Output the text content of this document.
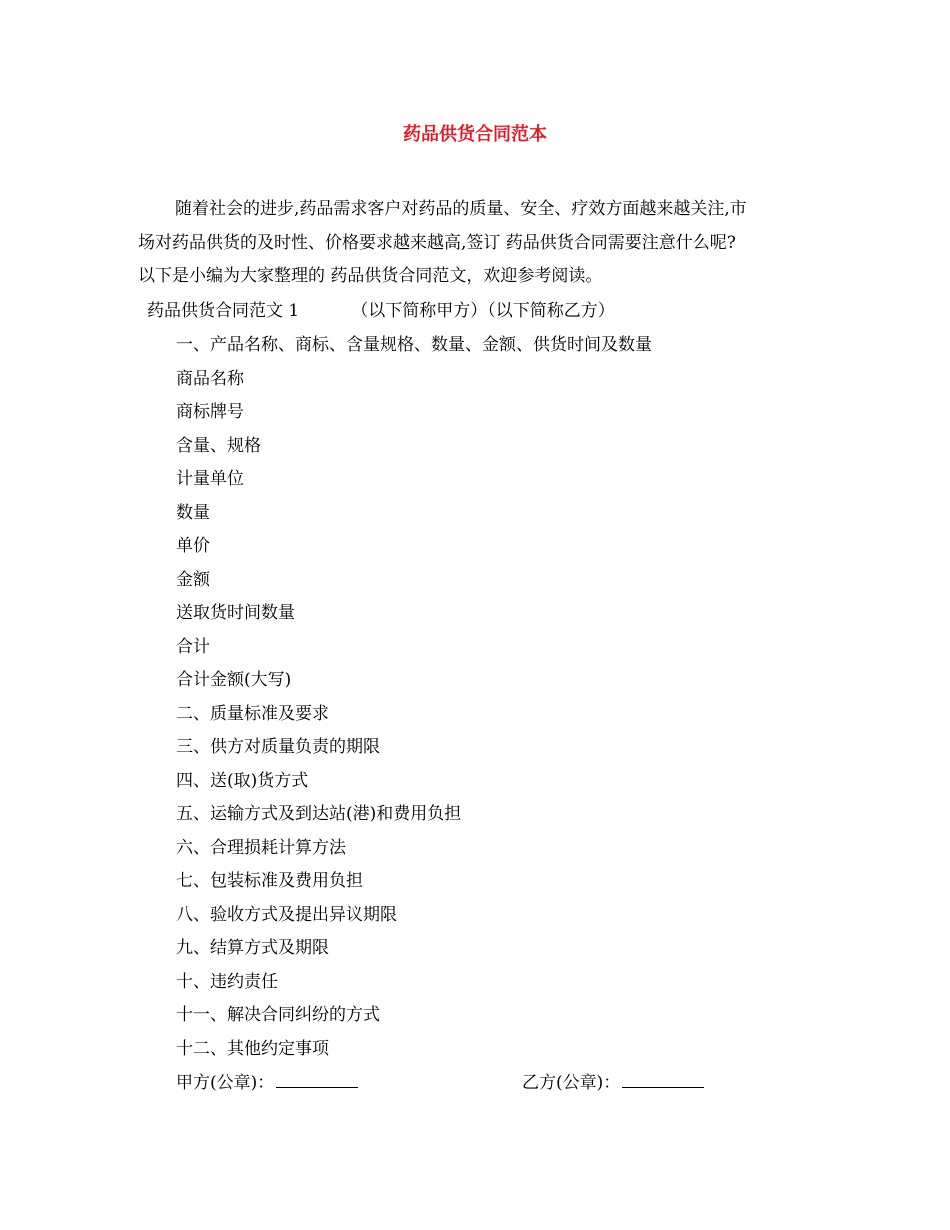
药品供货合同范本
随着社会的进步,药品需求客户对药品的质量、安全、疗效方面越来越关注,市
场对药品供货的及时性、价格要求越来越高,签订 药品供货合同需要注意什么呢?
以下是小编为大家整理的 药品供货合同范文，欢迎参考阅读。
药品供货合同范文 1	（以下简称甲方）（以下简称乙方）
一、产品名称、商标、含量规格、数量、金额、供货时间及数量
商品名称
商标牌号
含量、规格
计量单位
数量
单价
金额
送取货时间数量
合计
合计金额(大写)
二、质量标准及要求
三、供方对质量负责的期限
四、送(取)货方式
五、运输方式及到达站(港)和费用负担
六、合理损耗计算方法
七、包装标准及费用负担
八、验收方式及提出异议期限
九、结算方式及期限
十、违约责任
十一、解决合同纠纷的方式
十二、其他约定事项
甲方(公章)：	乙方(公章)：
